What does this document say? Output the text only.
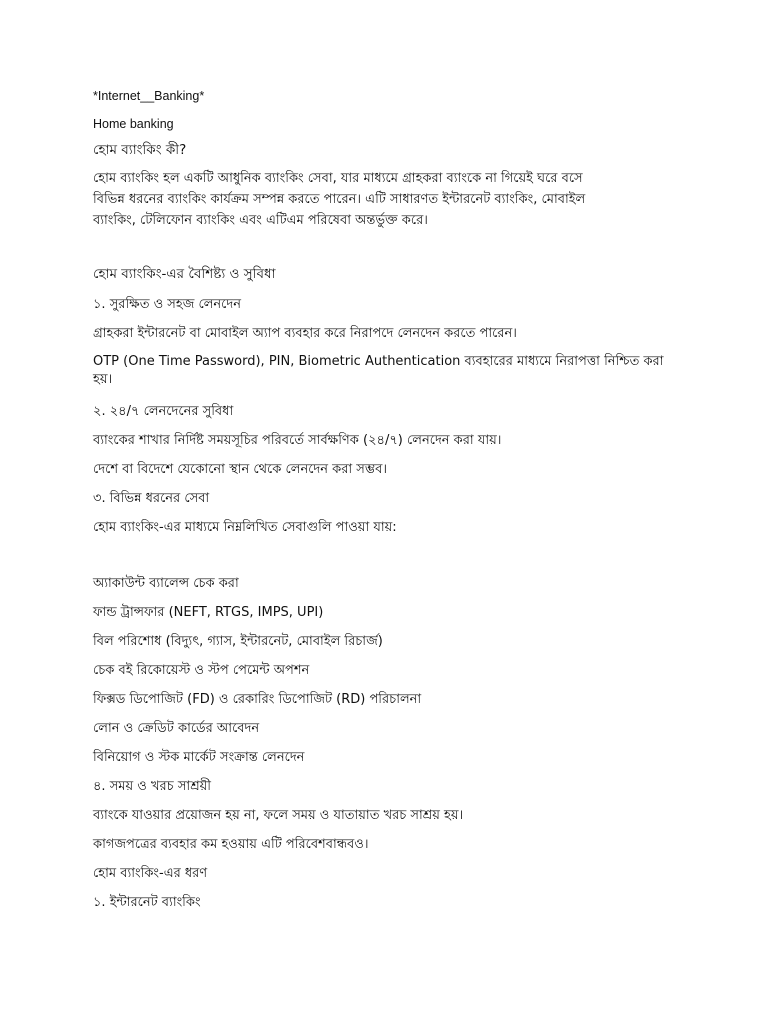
*Internet__Banking*

Home banking

হোম ব্যাংকিং কী?

হোম ব্যাংকিং হল একটি আধুনিক ব্যাংকিং সেবা, যার মাধ্যমে গ্রাহকরা ব্যাংকে না গিয়েই ঘরে বসে
বিভিন্ন ধরনের ব্যাংকিং কার্যক্রম সম্পন্ন করতে পারেন। এটি সাধারণত ইন্টারনেট ব্যাংকিং, মোবাইল
ব্যাংকিং, টেলিফোন ব্যাংকিং এবং এটিএম পরিষেবা অন্তর্ভুক্ত করে।

হোম ব্যাংকিং-এর বৈশিষ্ট্য ও সুবিধা

১. সুরক্ষিত ও সহজ লেনদেন

গ্রাহকরা ইন্টারনেট বা মোবাইল অ্যাপ ব্যবহার করে নিরাপদে লেনদেন করতে পারেন।

OTP (One Time Password), PIN, Biometric Authentication ব্যবহারের মাধ্যমে নিরাপত্তা নিশ্চিত করা
হয়।

২. ২৪/৭ লেনদেনের সুবিধা

ব্যাংকের শাখার নির্দিষ্ট সময়সূচির পরিবর্তে সার্বক্ষণিক (২৪/৭) লেনদেন করা যায়।

দেশে বা বিদেশে যেকোনো স্থান থেকে লেনদেন করা সম্ভব।

৩. বিভিন্ন ধরনের সেবা

হোম ব্যাংকিং-এর মাধ্যমে নিম্নলিখিত সেবাগুলি পাওয়া যায়:

অ্যাকাউন্ট ব্যালেন্স চেক করা

ফান্ড ট্রান্সফার (NEFT, RTGS, IMPS, UPI)

বিল পরিশোধ (বিদ্যুৎ, গ্যাস, ইন্টারনেট, মোবাইল রিচার্জ)

চেক বই রিকোয়েস্ট ও স্টপ পেমেন্ট অপশন

ফিক্সড ডিপোজিট (FD) ও রেকারিং ডিপোজিট (RD) পরিচালনা

লোন ও ক্রেডিট কার্ডের আবেদন

বিনিয়োগ ও স্টক মার্কেট সংক্রান্ত লেনদেন

৪. সময় ও খরচ সাশ্রয়ী

ব্যাংকে যাওয়ার প্রয়োজন হয় না, ফলে সময় ও যাতায়াত খরচ সাশ্রয় হয়।

কাগজপত্রের ব্যবহার কম হওয়ায় এটি পরিবেশবান্ধবও।

হোম ব্যাংকিং-এর ধরণ

১. ইন্টারনেট ব্যাংকিং
